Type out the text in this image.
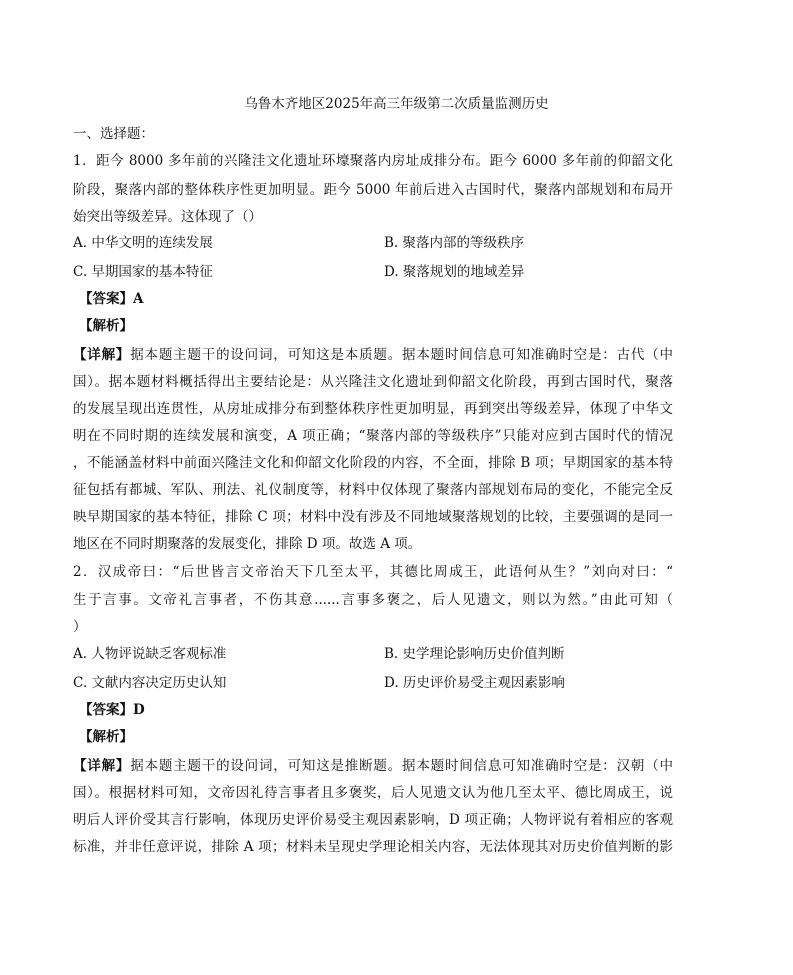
乌鲁木齐地区2025年高三年级第二次质量监测历史
一、选择题：
1．距今 8000 多年前的兴隆洼文化遗址环壕聚落内房址成排分布。距今 6000 多年前的仰韶文化
阶段，聚落内部的整体秩序性更加明显。距今 5000 年前后进入古国时代，聚落内部规划和布局开
始突出等级差异。这体现了（）
A. 中华文明的连续发展	B. 聚落内部的等级秩序
C. 早期国家的基本特征	D. 聚落规划的地域差异
【答案】A
【解析】
【详解】据本题主题干的设问词，可知这是本质题。据本题时间信息可知准确时空是：古代（中
国）。据本题材料概括得出主要结论是：从兴隆洼文化遗址到仰韶文化阶段，再到古国时代，聚落
的发展呈现出连贯性，从房址成排分布到整体秩序性更加明显，再到突出等级差异，体现了中华文
明在不同时期的连续发展和演变，A 项正确；“聚落内部的等级秩序”只能对应到古国时代的情况
，不能涵盖材料中前面兴隆洼文化和仰韶文化阶段的内容，不全面，排除 B 项；早期国家的基本特
征包括有都城、军队、刑法、礼仪制度等，材料中仅体现了聚落内部规划布局的变化，不能完全反
映早期国家的基本特征，排除 C 项；材料中没有涉及不同地域聚落规划的比较，主要强调的是同一
地区在不同时期聚落的发展变化，排除 D 项。故选 A 项。
2．汉成帝曰：“后世皆言文帝治天下几至太平，其德比周成王，此语何从生？”刘向对曰：“
生于言事。文帝礼言事者，不伤其意......言事多褒之，后人见遗文，则以为然。”由此可知（
）
A. 人物评说缺乏客观标准	B. 史学理论影响历史价值判断
C. 文献内容决定历史认知	D. 历史评价易受主观因素影响
【答案】D
【解析】
【详解】据本题主题干的设问词，可知这是推断题。据本题时间信息可知准确时空是：汉朝（中
国）。根据材料可知，文帝因礼待言事者且多褒奖，后人见遗文认为他几至太平、德比周成王，说
明后人评价受其言行影响，体现历史评价易受主观因素影响，D 项正确；人物评说有着相应的客观
标准，并非任意评说，排除 A 项；材料未呈现史学理论相关内容，无法体现其对历史价值判断的影
